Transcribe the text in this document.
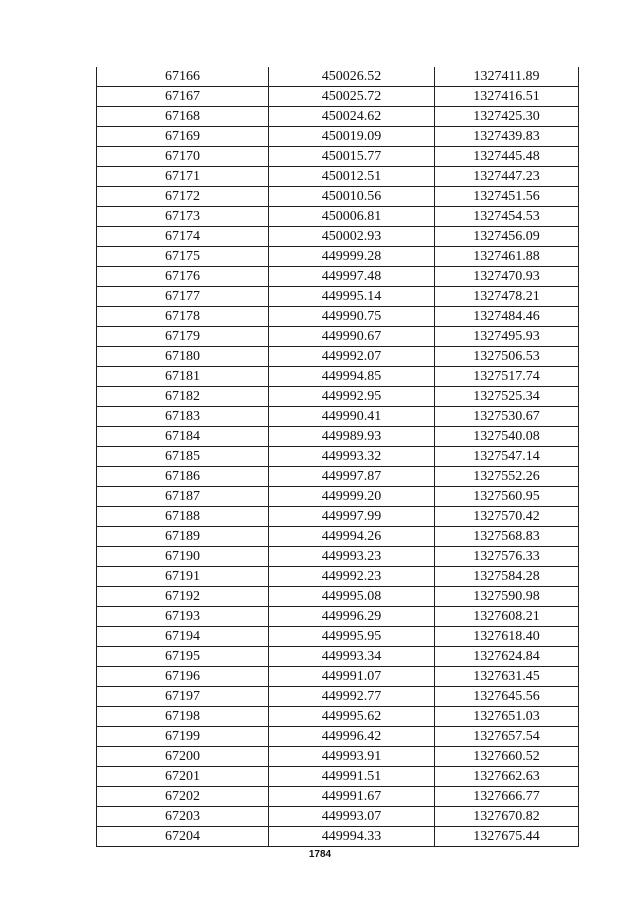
67166	450026.52	1327411.89
67167	450025.72	1327416.51
67168	450024.62	1327425.30
67169	450019.09	1327439.83
67170	450015.77	1327445.48
67171	450012.51	1327447.23
67172	450010.56	1327451.56
67173	450006.81	1327454.53
67174	450002.93	1327456.09
67175	449999.28	1327461.88
67176	449997.48	1327470.93
67177	449995.14	1327478.21
67178	449990.75	1327484.46
67179	449990.67	1327495.93
67180	449992.07	1327506.53
67181	449994.85	1327517.74
67182	449992.95	1327525.34
67183	449990.41	1327530.67
67184	449989.93	1327540.08
67185	449993.32	1327547.14
67186	449997.87	1327552.26
67187	449999.20	1327560.95
67188	449997.99	1327570.42
67189	449994.26	1327568.83
67190	449993.23	1327576.33
67191	449992.23	1327584.28
67192	449995.08	1327590.98
67193	449996.29	1327608.21
67194	449995.95	1327618.40
67195	449993.34	1327624.84
67196	449991.07	1327631.45
67197	449992.77	1327645.56
67198	449995.62	1327651.03
67199	449996.42	1327657.54
67200	449993.91	1327660.52
67201	449991.51	1327662.63
67202	449991.67	1327666.77
67203	449993.07	1327670.82
67204	449994.33	1327675.44
1784
